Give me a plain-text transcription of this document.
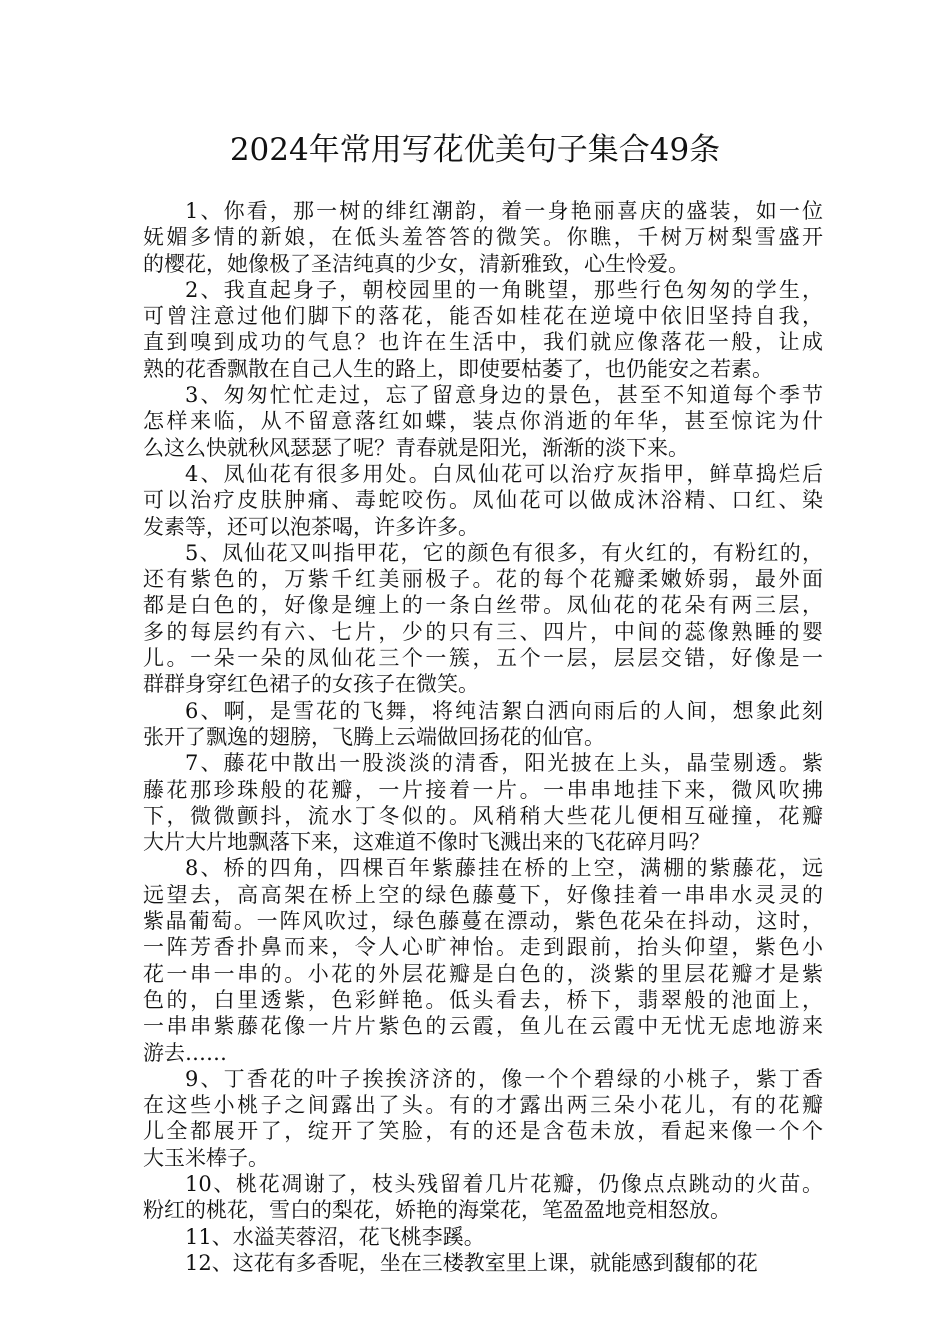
2024年常用写花优美句子集合49条
1、你看，那一树的绯红潮韵，着一身艳丽喜庆的盛装，如一位
妩媚多情的新娘，在低头羞答答的微笑。你瞧，千树万树梨雪盛开
的樱花，她像极了圣洁纯真的少女，清新雅致，心生怜爱。
2、我直起身子，朝校园里的一角眺望，那些行色匆匆的学生，
可曾注意过他们脚下的落花，能否如桂花在逆境中依旧坚持自我，
直到嗅到成功的气息？也许在生活中，我们就应像落花一般，让成
熟的花香飘散在自己人生的路上，即使要枯萎了，也仍能安之若素。
3、匆匆忙忙走过，忘了留意身边的景色，甚至不知道每个季节
怎样来临，从不留意落红如蝶，装点你消逝的年华，甚至惊诧为什
么这么快就秋风瑟瑟了呢？青春就是阳光，渐渐的淡下来。
4、凤仙花有很多用处。白凤仙花可以治疗灰指甲，鲜草捣烂后
可以治疗皮肤肿痛、毒蛇咬伤。凤仙花可以做成沐浴精、口红、染
发素等，还可以泡茶喝，许多许多。
5、凤仙花又叫指甲花，它的颜色有很多，有火红的，有粉红的，
还有紫色的，万紫千红美丽极子。花的每个花瓣柔嫩娇弱，最外面
都是白色的，好像是缠上的一条白丝带。凤仙花的花朵有两三层，
多的每层约有六、七片，少的只有三、四片，中间的蕊像熟睡的婴
儿。一朵一朵的凤仙花三个一簇，五个一层，层层交错，好像是一
群群身穿红色裙子的女孩子在微笑。
6、啊，是雪花的飞舞，将纯洁絮白洒向雨后的人间，想象此刻
张开了飘逸的翅膀，飞腾上云端做回扬花的仙官。
7、藤花中散出一股淡淡的清香，阳光披在上头，晶莹剔透。紫
藤花那珍珠般的花瓣，一片接着一片。一串串地挂下来，微风吹拂
下，微微颤抖，流水丁冬似的。风稍稍大些花儿便相互碰撞，花瓣
大片大片地飘落下来，这难道不像时飞溅出来的飞花碎月吗？
8、桥的四角，四棵百年紫藤挂在桥的上空，满棚的紫藤花，远
远望去，高高架在桥上空的绿色藤蔓下，好像挂着一串串水灵灵的
紫晶葡萄。一阵风吹过，绿色藤蔓在漂动，紫色花朵在抖动，这时，
一阵芳香扑鼻而来，令人心旷神怡。走到跟前，抬头仰望，紫色小
花一串一串的。小花的外层花瓣是白色的，淡紫的里层花瓣才是紫
色的，白里透紫，色彩鲜艳。低头看去，桥下，翡翠般的池面上，
一串串紫藤花像一片片紫色的云霞，鱼儿在云霞中无忧无虑地游来
游去……
9、丁香花的叶子挨挨济济的，像一个个碧绿的小桃子，紫丁香
在这些小桃子之间露出了头。有的才露出两三朵小花儿，有的花瓣
儿全都展开了，绽开了笑脸，有的还是含苞未放，看起来像一个个
大玉米棒子。
10、桃花凋谢了，枝头残留着几片花瓣，仍像点点跳动的火苗。
粉红的桃花，雪白的梨花，娇艳的海棠花，笔盈盈地竞相怒放。
11、水溢芙蓉沼，花飞桃李蹊。
12、这花有多香呢，坐在三楼教室里上课，就能感到馥郁的花
